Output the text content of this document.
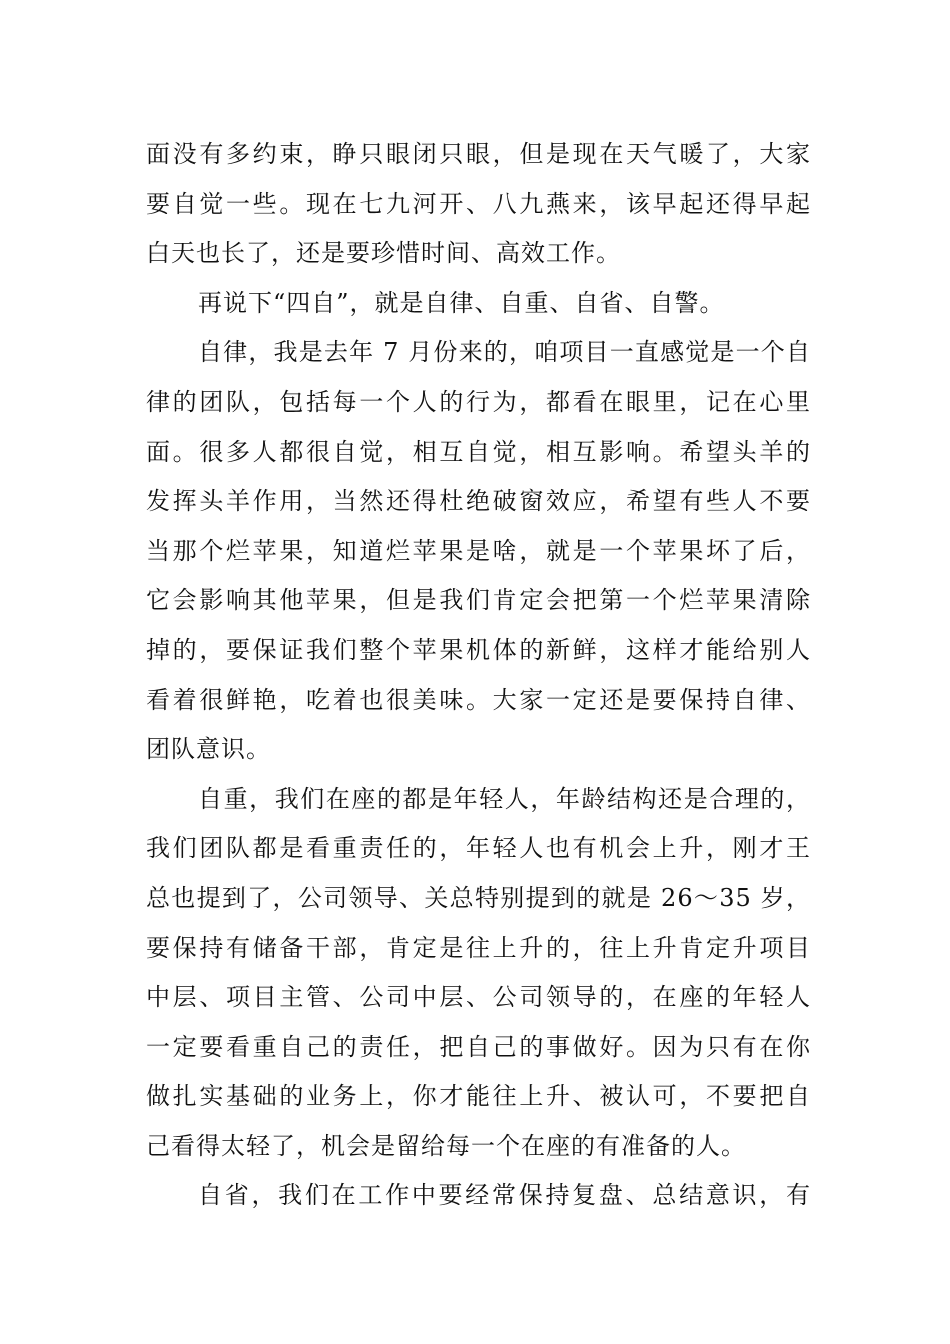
面没有多约束，睁只眼闭只眼，但是现在天气暖了，大家
要自觉一些。现在七九河开、八九燕来，该早起还得早起
白天也长了，还是要珍惜时间、高效工作。
再说下“四自”，就是自律、自重、自省、自警。
自律，我是去年 7 月份来的，咱项目一直感觉是一个自
律的团队，包括每一个人的行为，都看在眼里，记在心里
面。很多人都很自觉，相互自觉，相互影响。希望头羊的
发挥头羊作用，当然还得杜绝破窗效应，希望有些人不要
当那个烂苹果，知道烂苹果是啥，就是一个苹果坏了后，
它会影响其他苹果，但是我们肯定会把第一个烂苹果清除
掉的，要保证我们整个苹果机体的新鲜，这样才能给别人
看着很鲜艳，吃着也很美味。大家一定还是要保持自律、
团队意识。
自重，我们在座的都是年轻人，年龄结构还是合理的，
我们团队都是看重责任的，年轻人也有机会上升，刚才王
总也提到了，公司领导、关总特别提到的就是 26～35 岁，
要保持有储备干部，肯定是往上升的，往上升肯定升项目
中层、项目主管、公司中层、公司领导的，在座的年轻人
一定要看重自己的责任，把自己的事做好。因为只有在你
做扎实基础的业务上，你才能往上升、被认可，不要把自
己看得太轻了，机会是留给每一个在座的有准备的人。
自省，我们在工作中要经常保持复盘、总结意识，有
